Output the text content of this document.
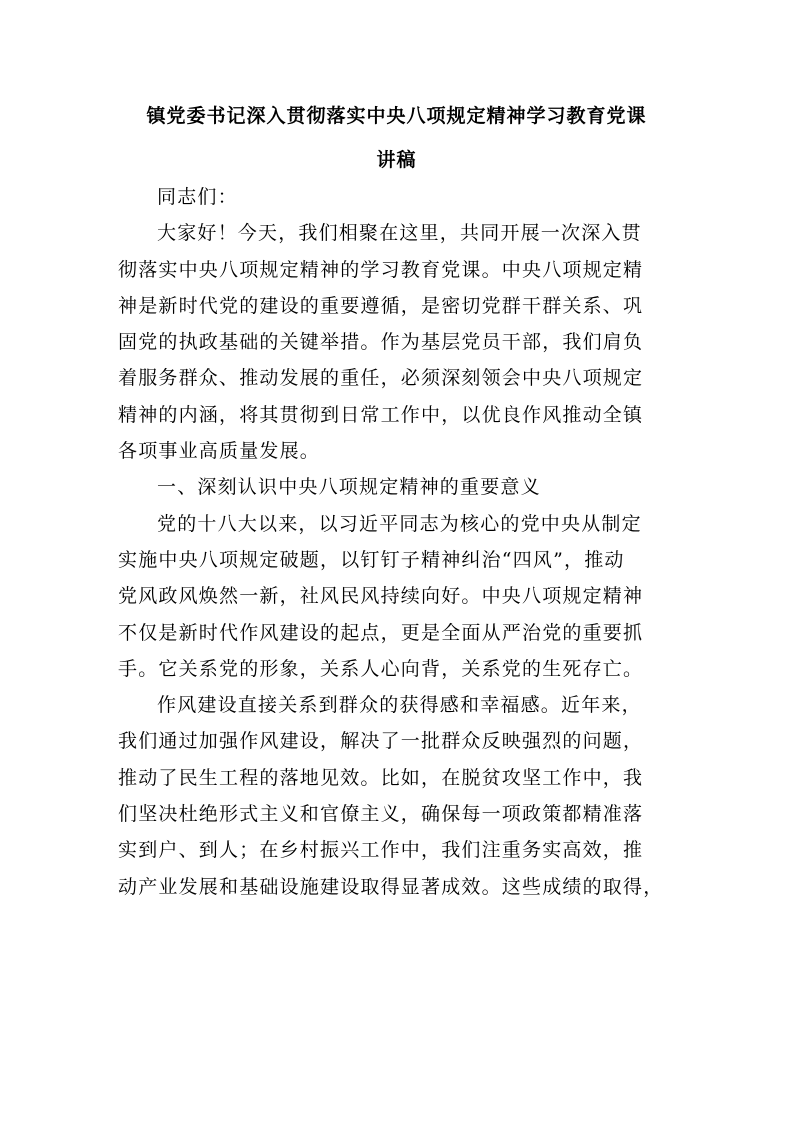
镇党委书记深入贯彻落实中央八项规定精神学习教育党课
讲稿
同志们：
大家好！今天，我们相聚在这里，共同开展一次深入贯
彻落实中央八项规定精神的学习教育党课。中央八项规定精
神是新时代党的建设的重要遵循，是密切党群干群关系、巩
固党的执政基础的关键举措。作为基层党员干部，我们肩负
着服务群众、推动发展的重任，必须深刻领会中央八项规定
精神的内涵，将其贯彻到日常工作中，以优良作风推动全镇
各项事业高质量发展。
一、深刻认识中央八项规定精神的重要意义
党的十八大以来，以习近平同志为核心的党中央从制定
实施中央八项规定破题，以钉钉子精神纠治“四风”，推动
党风政风焕然一新，社风民风持续向好。中央八项规定精神
不仅是新时代作风建设的起点，更是全面从严治党的重要抓
手。它关系党的形象，关系人心向背，关系党的生死存亡。
作风建设直接关系到群众的获得感和幸福感。近年来，
我们通过加强作风建设，解决了一批群众反映强烈的问题，
推动了民生工程的落地见效。比如，在脱贫攻坚工作中，我
们坚决杜绝形式主义和官僚主义，确保每一项政策都精准落
实到户、到人；在乡村振兴工作中，我们注重务实高效，推
动产业发展和基础设施建设取得显著成效。这些成绩的取得，
